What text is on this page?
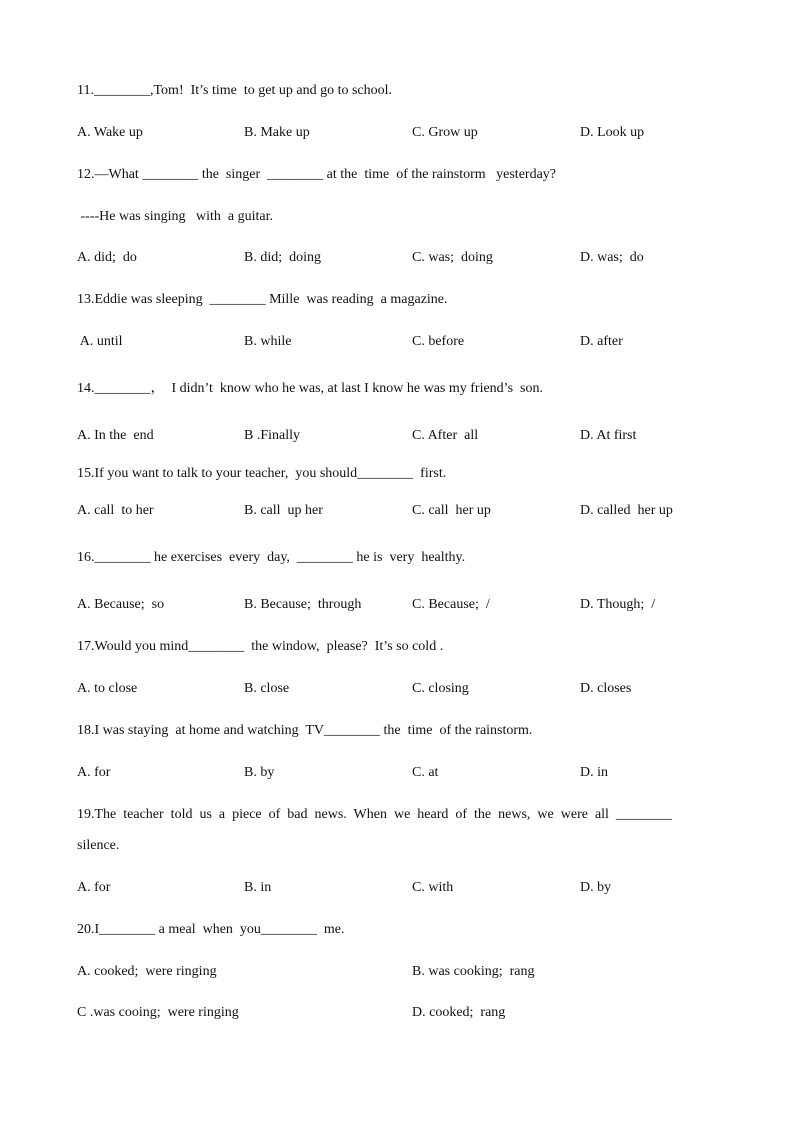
11.________,Tom!  It’s time  to get up and go to school.
A. Wake up	B. Make up	C. Grow up	D. Look up
12.—What ________ the  singer  ________ at the  time  of the rainstorm   yesterday?
----He was singing   with  a guitar.
A. did;  do	B. did;  doing	C. was;  doing	D. was;  do
13.Eddie was sleeping  ________ Mille  was reading  a magazine.
A. until	B. while	C. before	D. after
14.________，  I didn’t  know who he was, at last I know he was my friend’s  son.
A. In the  end	B .Finally	C. After  all	D. At first
15.If you want to talk to your teacher,  you should________  first.
A. call  to her	B. call  up her	C. call  her up	D. called  her up
16.________ he exercises  every  day,  ________ he is  very  healthy.
A. Because;  so	B. Because;  through	C. Because;  /	D. Though;  /
17.Would you mind________  the window,  please?  It’s so cold .
A. to close	B. close	C. closing	D. closes
18.I was staying  at home and watching  TV________ the  time  of the rainstorm.
A. for	B. by	C. at	D. in
19.The  teacher  told  us  a  piece  of  bad  news.  When  we  heard  of  the  news,  we  were  all  ________
silence.
A. for	B. in	C. with	D. by
20.I________ a meal  when  you________  me.
A. cooked;  were ringing	B. was cooking;  rang
C .was cooing;  were ringing	D. cooked;  rang
